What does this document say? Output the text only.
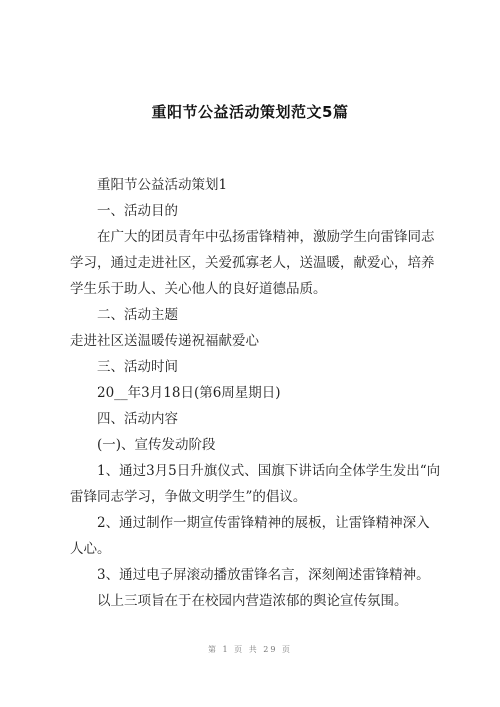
重阳节公益活动策划范文5篇

重阳节公益活动策划1

一、活动目的

在广大的团员青年中弘扬雷锋精神，激励学生向雷锋同志学习，通过走进社区，关爱孤寡老人，送温暖，献爱心，培养学生乐于助人、关心他人的良好道德品质。

二、活动主题

走进社区送温暖传递祝福献爱心

三、活动时间

20__年3月18日(第6周星期日)

四、活动内容

(一)、宣传发动阶段

1、通过3月5日升旗仪式、国旗下讲话向全体学生发出“向雷锋同志学习，争做文明学生”的倡议。

2、通过制作一期宣传雷锋精神的展板，让雷锋精神深入人心。

3、通过电子屏滚动播放雷锋名言，深刻阐述雷锋精神。

以上三项旨在于在校园内营造浓郁的舆论宣传氛围。

第 1 页 共 29 页
